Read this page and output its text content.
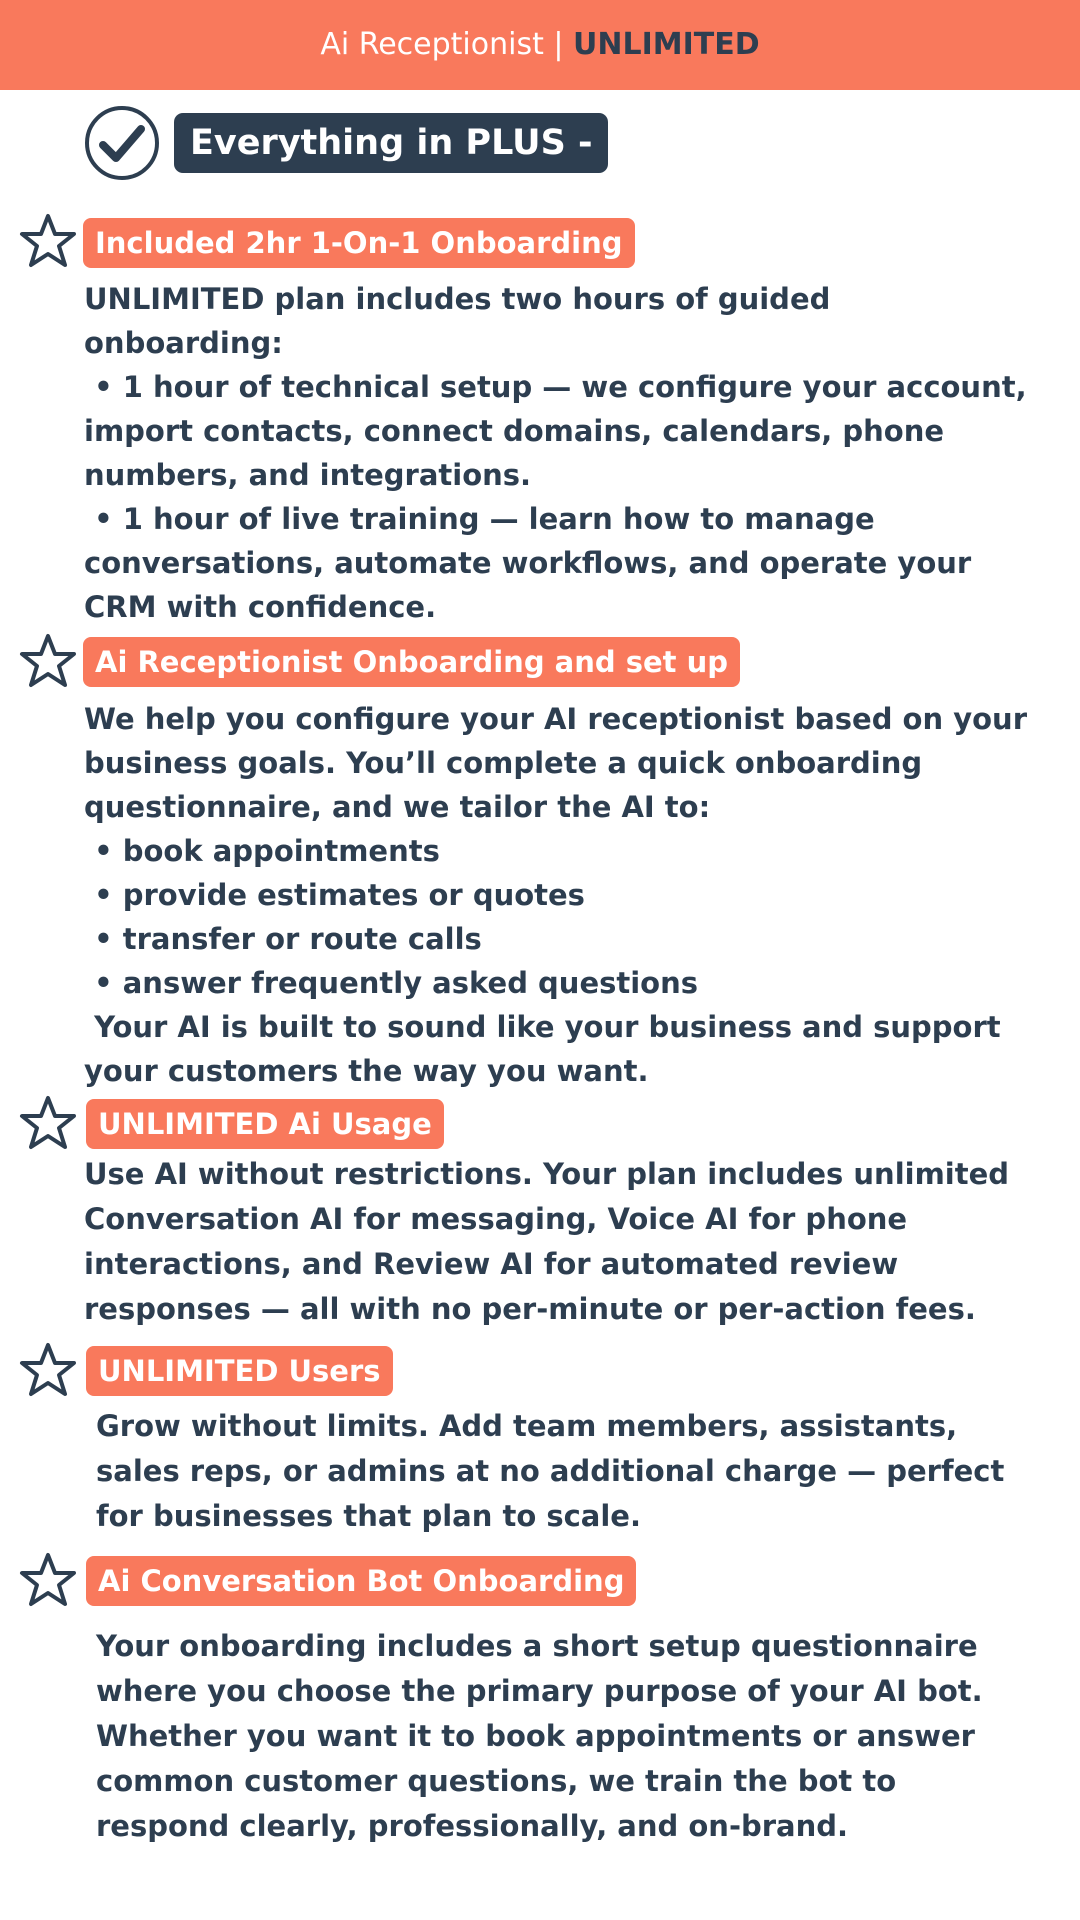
Ai Receptionist | UNLIMITED
Everything in PLUS -
Included 2hr 1-On-1 Onboarding

UNLIMITED plan includes two hours of guided
onboarding:
• 1 hour of technical setup — we configure your account,
import contacts, connect domains, calendars, phone
numbers, and integrations.
• 1 hour of live training — learn how to manage
conversations, automate workflows, and operate your
CRM with confidence.

Ai Receptionist Onboarding and set up

We help you configure your AI receptionist based on your
business goals. You’ll complete a quick onboarding
questionnaire, and we tailor the AI to:
• book appointments
• provide estimates or quotes
• transfer or route calls
• answer frequently asked questions
Your AI is built to sound like your business and support
your customers the way you want.

UNLIMITED Ai Usage

Use AI without restrictions. Your plan includes unlimited
Conversation AI for messaging, Voice AI for phone
interactions, and Review AI for automated review
responses — all with no per-minute or per-action fees.

UNLIMITED Users

Grow without limits. Add team members, assistants,
sales reps, or admins at no additional charge — perfect
for businesses that plan to scale.

Ai Conversation Bot Onboarding

Your onboarding includes a short setup questionnaire
where you choose the primary purpose of your AI bot.
Whether you want it to book appointments or answer
common customer questions, we train the bot to
respond clearly, professionally, and on-brand.
